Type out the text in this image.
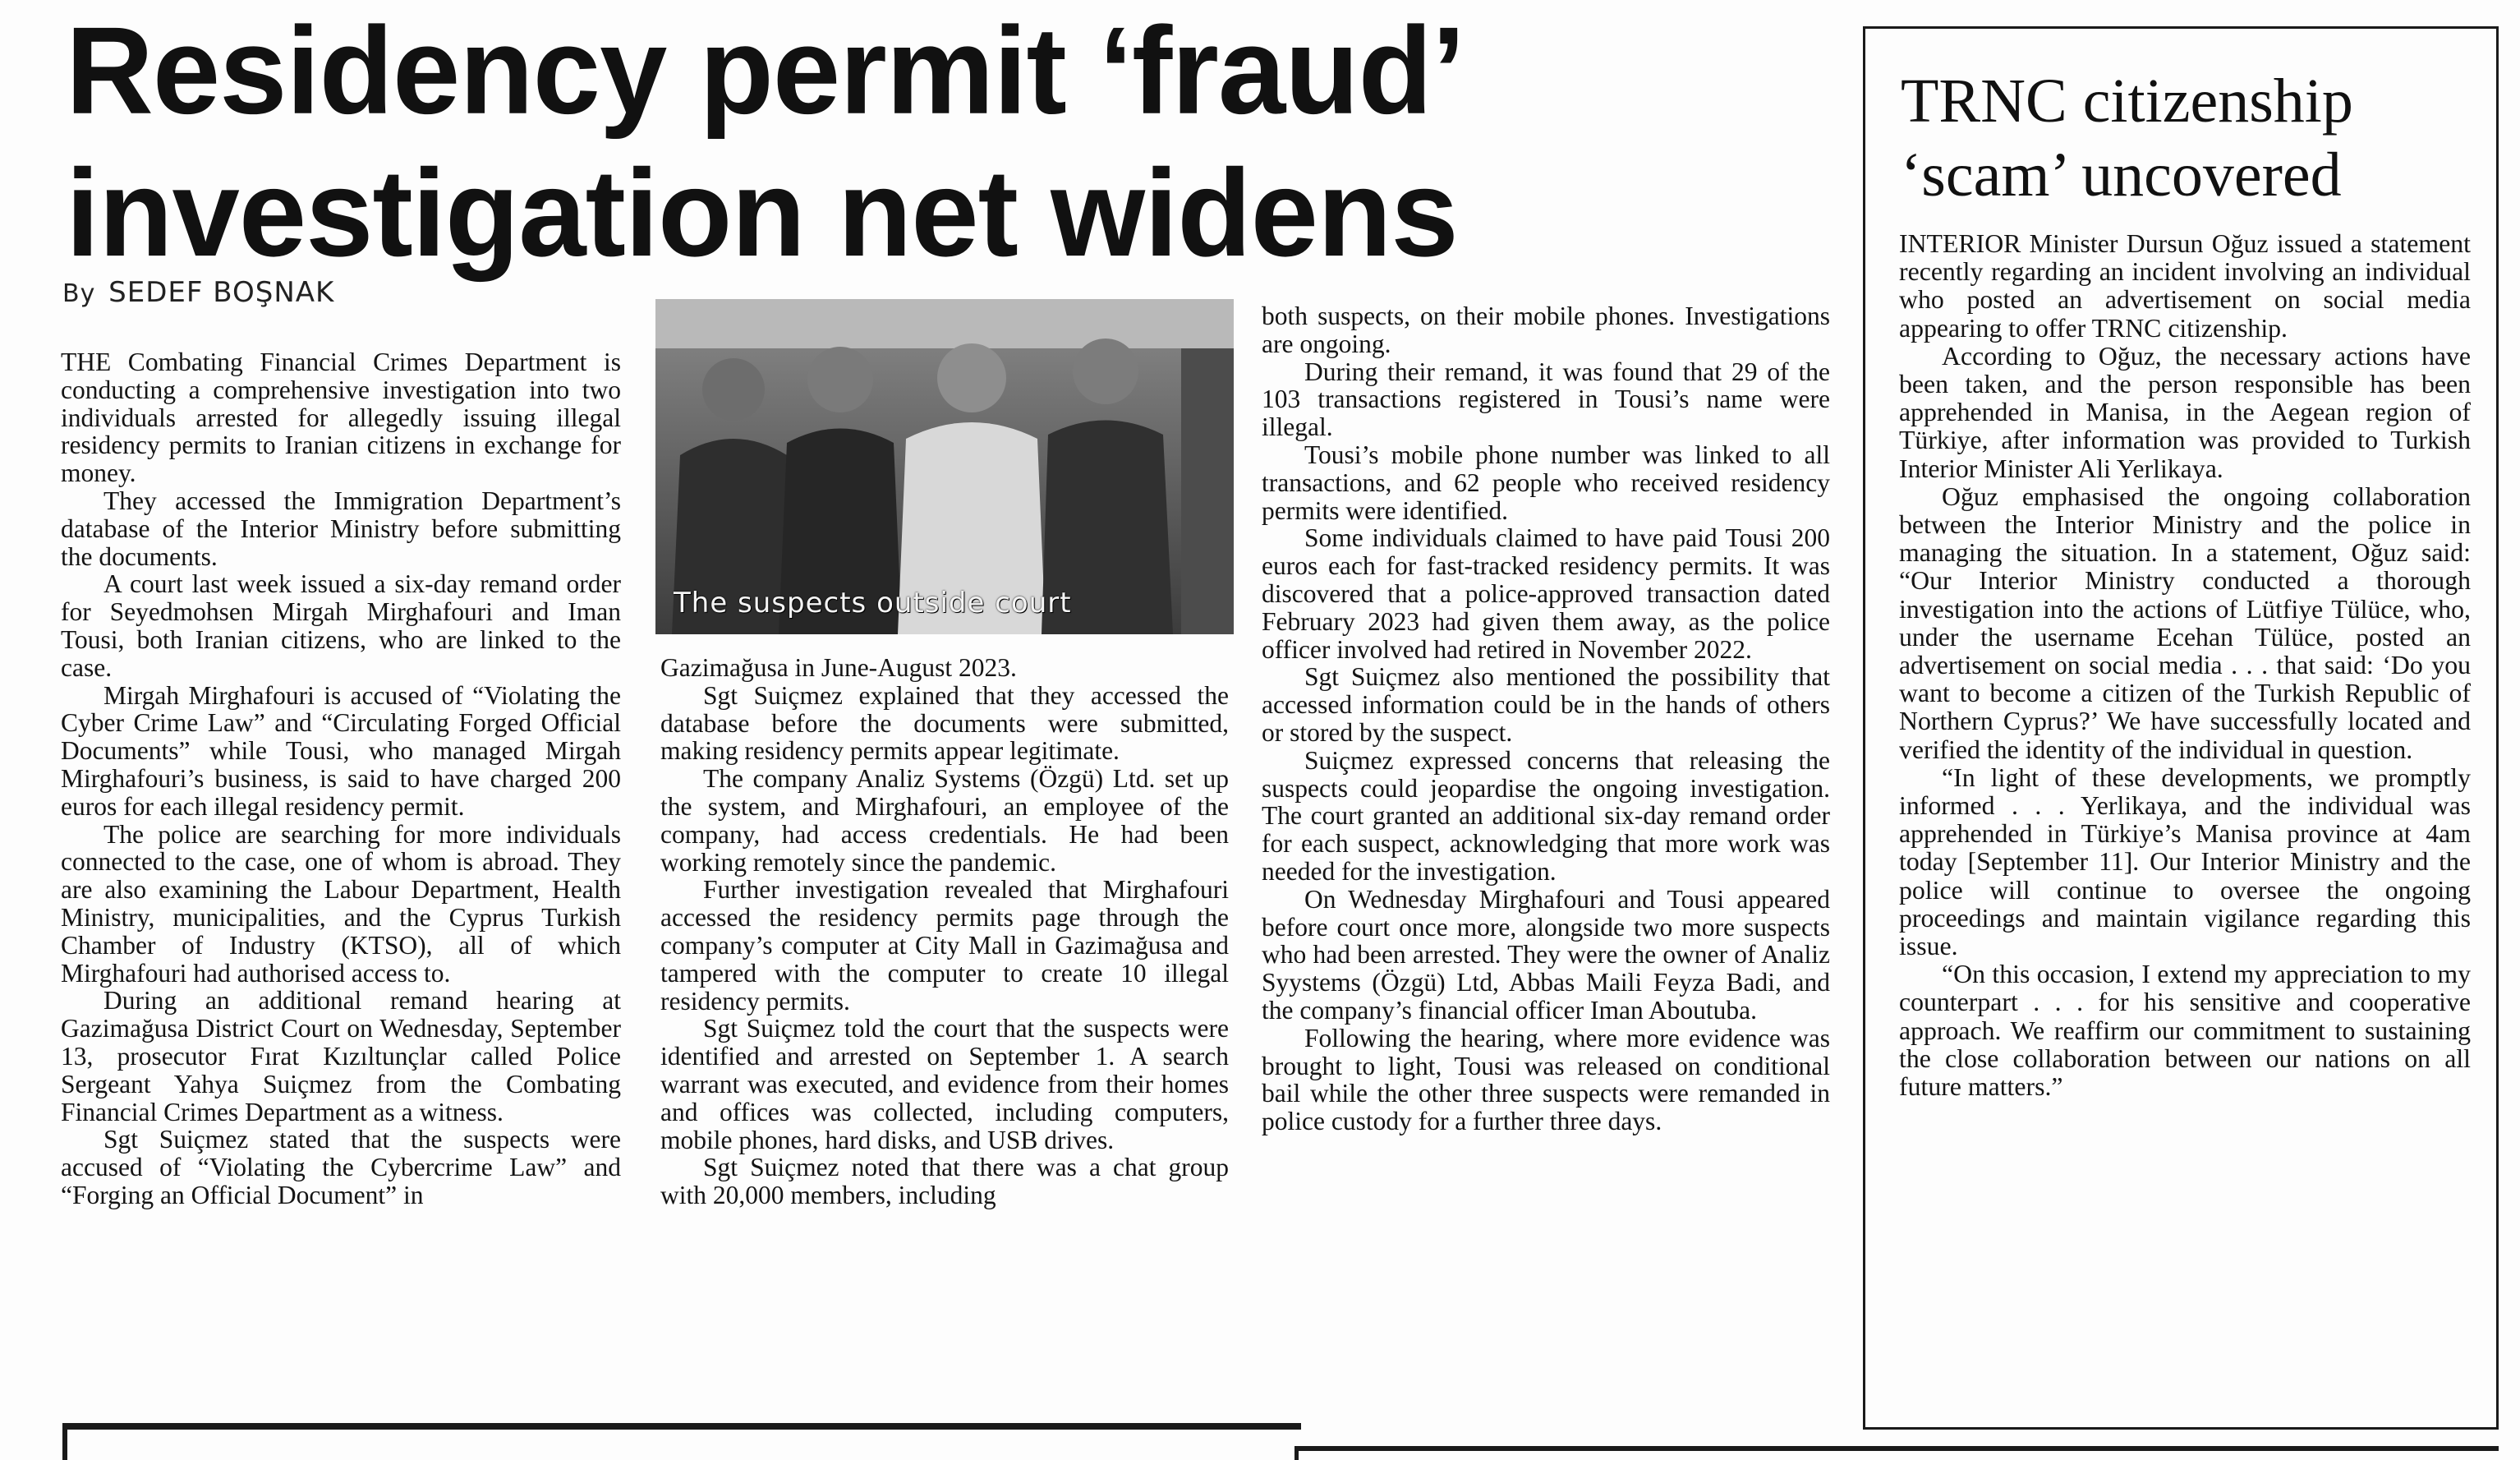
Residency permit ‘fraud’
investigation net widens
By SEDEF BOŞNAK

THE Combating Financial Crimes Department is conducting a comprehensive investigation into two individuals arrested for allegedly issuing illegal residency permits to Iranian citizens in exchange for money.

They accessed the Immigration Department’s database of the Interior Ministry before submitting the documents.

A court last week issued a six-day remand order for Seyedmohsen Mirgah Mirghafouri and Iman Tousi, both Iranian citizens, who are linked to the case.

Mirgah Mirghafouri is accused of “Violating the Cyber Crime Law” and “Circulating Forged Official Documents” while Tousi, who managed Mirgah Mirghafouri’s business, is said to have charged 200 euros for each illegal residency permit.

The police are searching for more individuals connected to the case, one of whom is abroad. They are also examining the Labour Department, Health Ministry, municipalities, and the Cyprus Turkish Chamber of Industry (KTSO), all of which Mirghafouri had authorised access to.

During an additional remand hearing at Gazimağusa District Court on Wednesday, September 13, prosecutor Fırat Kızıltunçlar called Police Sergeant Yahya Suiçmez from the Combating Financial Crimes Department as a witness.

Sgt Suiçmez stated that the suspects were accused of “Violating the Cybercrime Law” and “Forging an Official Document” in

The suspects outside court

Gazimağusa in June-August 2023.

Sgt Suiçmez explained that they accessed the database before the documents were submitted, making residency permits appear legitimate.

The company Analiz Systems (Özgü) Ltd. set up the system, and Mirghafouri, an employee of the company, had access credentials. He had been working remotely since the pandemic.

Further investigation revealed that Mirghafouri accessed the residency permits page through the company’s computer at City Mall in Gazimağusa and tampered with the computer to create 10 illegal residency permits.

Sgt Suiçmez told the court that the suspects were identified and arrested on September 1. A search warrant was executed, and evidence from their homes and offices was collected, including computers, mobile phones, hard disks, and USB drives.

Sgt Suiçmez noted that there was a chat group with 20,000 members, including

both suspects, on their mobile phones. Investigations are ongoing.

During their remand, it was found that 29 of the 103 transactions registered in Tousi’s name were illegal.

Tousi’s mobile phone number was linked to all transactions, and 62 people who received residency permits were identified.

Some individuals claimed to have paid Tousi 200 euros each for fast-tracked residency permits. It was discovered that a police-approved transaction dated February 2023 had given them away, as the police officer involved had retired in November 2022.

Sgt Suiçmez also mentioned the possibility that accessed information could be in the hands of others or stored by the suspect.

Suiçmez expressed concerns that releasing the suspects could jeopardise the ongoing investigation. The court granted an additional six-day remand order for each suspect, acknowledging that more work was needed for the investigation.

On Wednesday Mirghafouri and Tousi appeared before court once more, alongside two more suspects who had been arrested. They were the owner of Analiz Syystems (Özgü) Ltd, Abbas Maili Feyza Badi, and the company’s financial officer Iman Aboutuba.

Following the hearing, where more evidence was brought to light, Tousi was released on conditional bail while the other three suspects were remanded in police custody for a further three days.

TRNC citizenship
‘scam’ uncovered

INTERIOR Minister Dursun Oğuz issued a statement recently regarding an incident involving an individual who posted an advertisement on social media appearing to offer TRNC citizenship.

According to Oğuz, the necessary actions have been taken, and the person responsible has been apprehended in Manisa, in the Aegean region of Türkiye, after information was provided to Turkish Interior Minister Ali Yerlikaya.

Oğuz emphasised the ongoing collaboration between the Interior Ministry and the police in managing the situation. In a statement, Oğuz said: “Our Interior Ministry conducted a thorough investigation into the actions of Lütfiye Tülüce, who, under the username Ecehan Tülüce, posted an advertisement on social media . . . that said: ‘Do you want to become a citizen of the Turkish Republic of Northern Cyprus?’ We have successfully located and verified the identity of the individual in question.

“In light of these developments, we promptly informed . . . Yerlikaya, and the individual was apprehended in Türkiye’s Manisa province at 4am today [September 11]. Our Interior Ministry and the police will continue to oversee the ongoing proceedings and maintain vigilance regarding this issue.

“On this occasion, I extend my appreciation to my counterpart . . . for his sensitive and cooperative approach. We reaffirm our commitment to sustaining the close collaboration between our nations on all future matters.”
